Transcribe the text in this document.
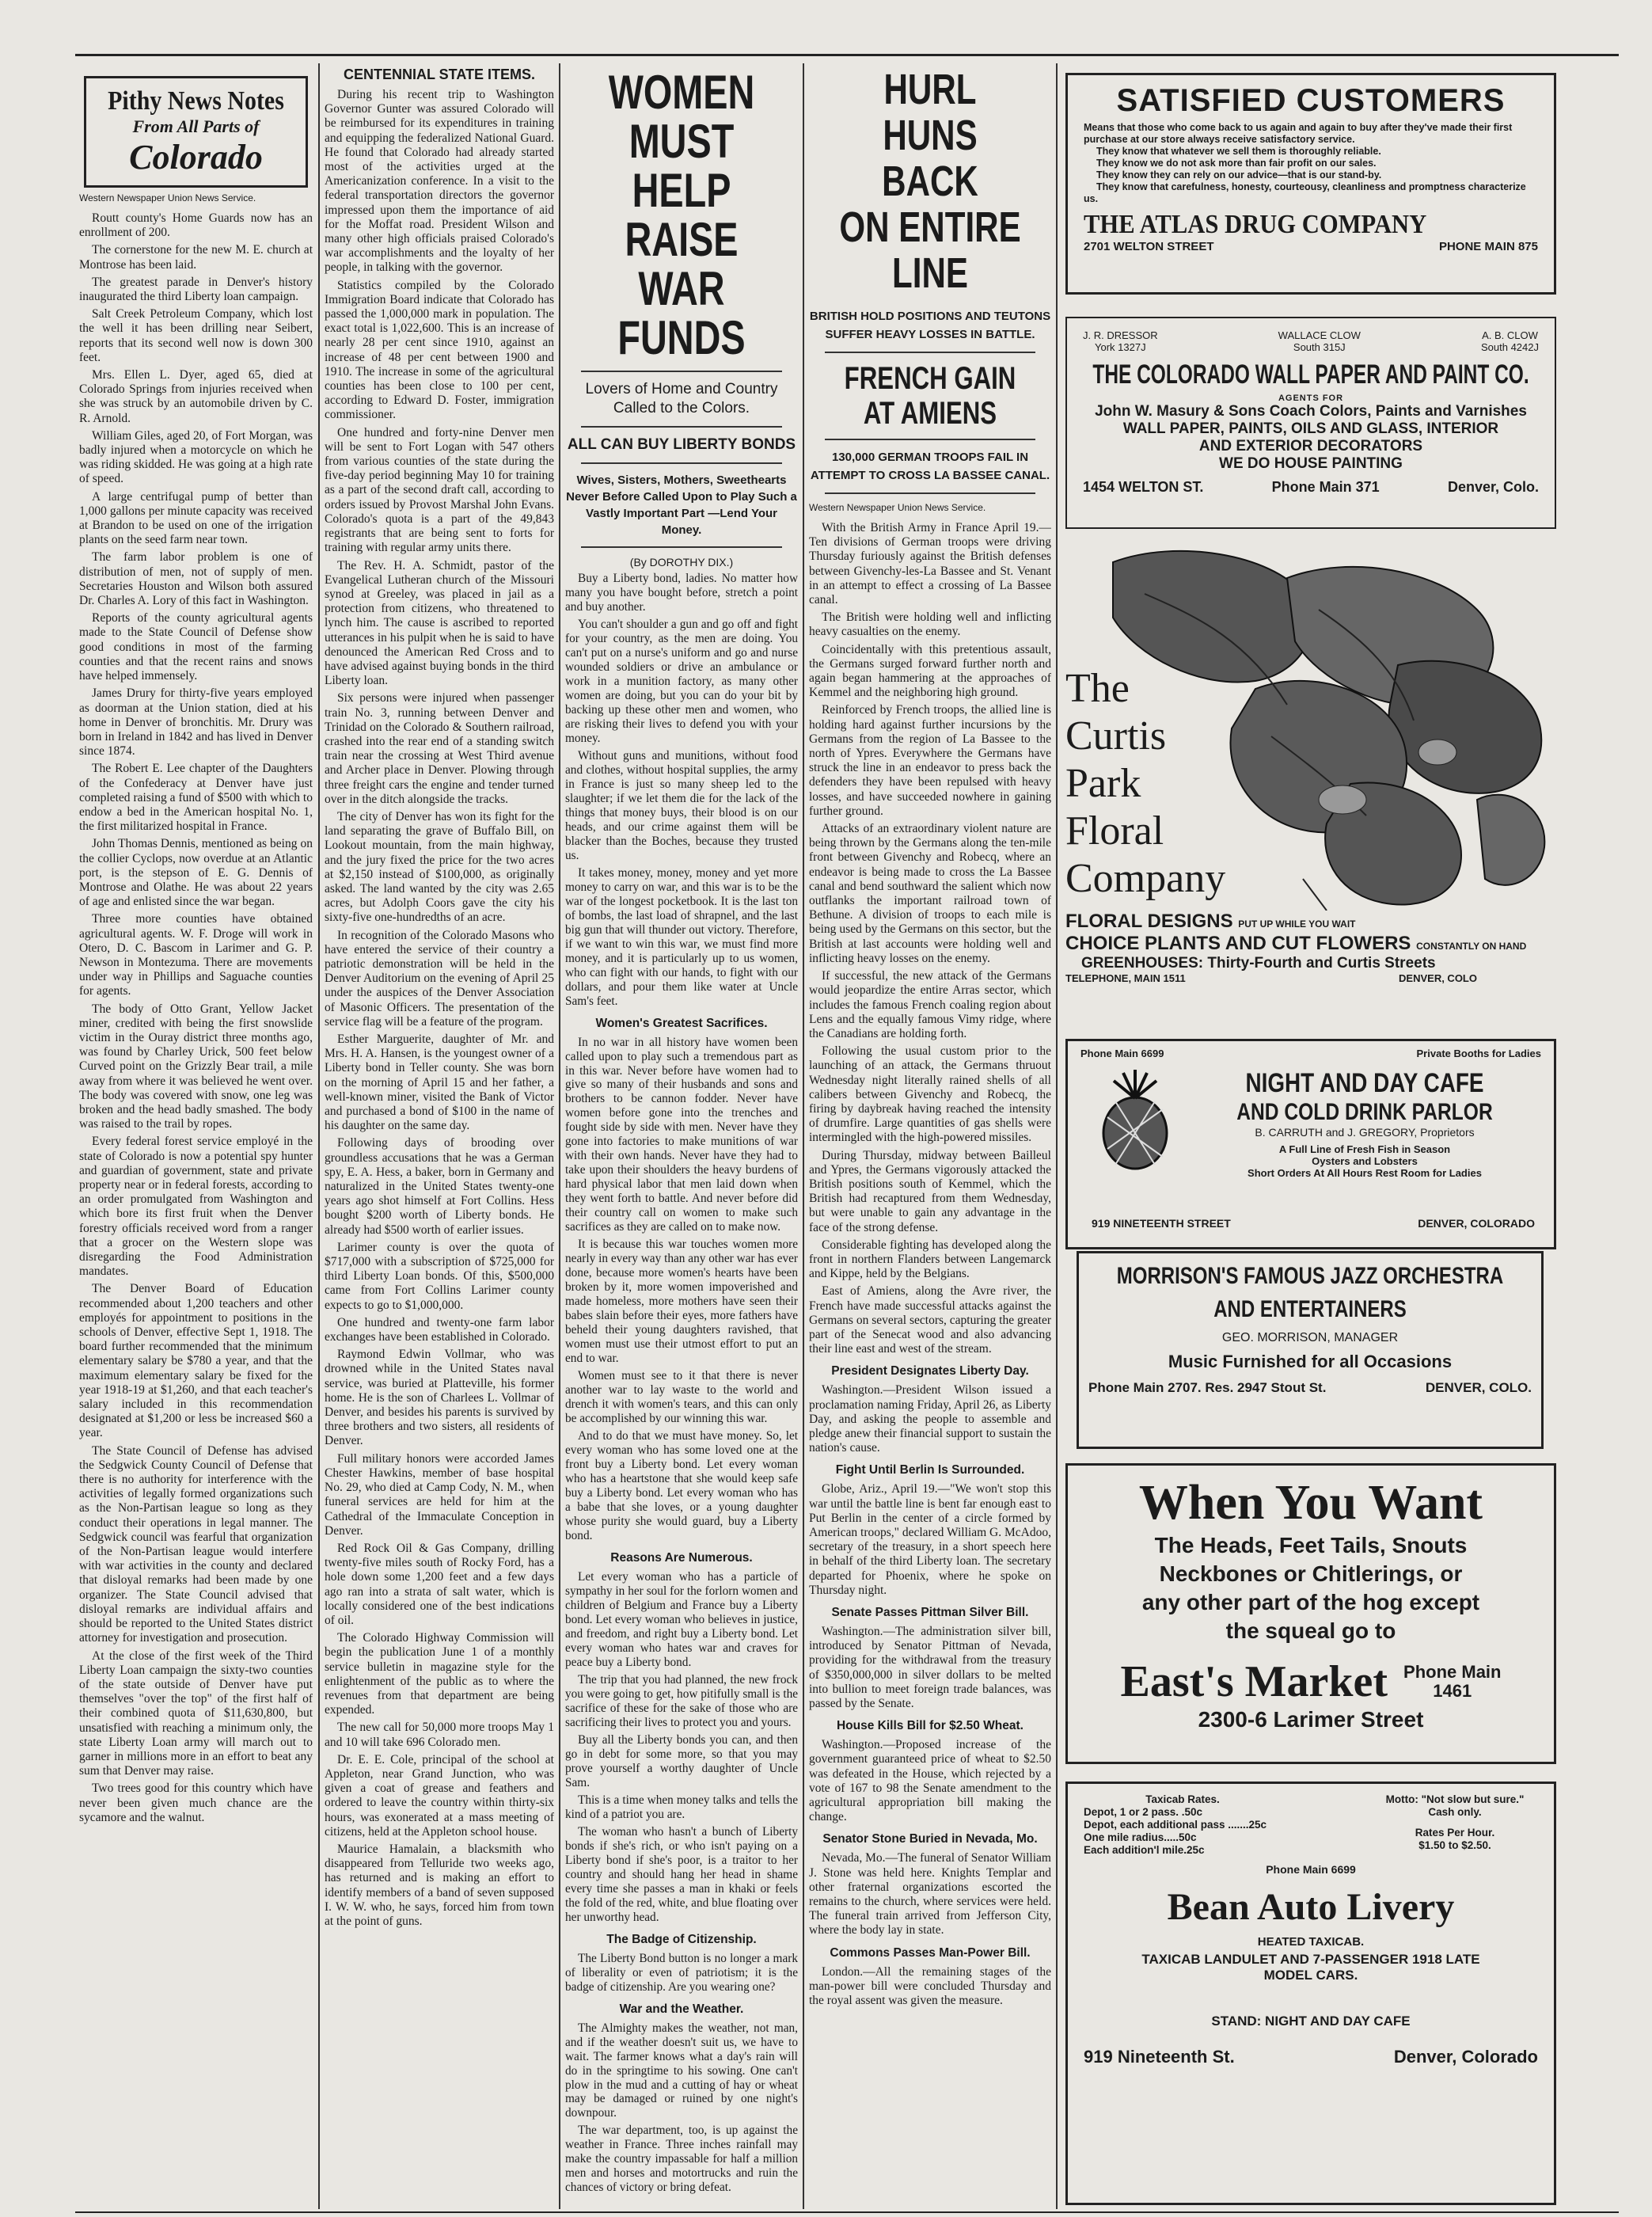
Pithy News Notes
From All Parts of
Colorado
Western Newspaper Union News Service.

Routt county's Home Guards now has an enrollment of 200.

The cornerstone for the new M. E. church at Montrose has been laid.

The greatest parade in Denver's history inaugurated the third Liberty loan campaign.

Salt Creek Petroleum Company, which lost the well it has been drilling near Seibert, reports that its second well now is down 300 feet.

Mrs. Ellen L. Dyer, aged 65, died at Colorado Springs from injuries received when she was struck by an automobile driven by C. R. Arnold.

William Giles, aged 20, of Fort Morgan, was badly injured when a motorcycle on which he was riding skidded. He was going at a high rate of speed.

A large centrifugal pump of better than 1,000 gallons per minute capacity was received at Brandon to be used on one of the irrigation plants on the seed farm near town.

The farm labor problem is one of distribution of men, not of supply of men. Secretaries Houston and Wilson both assured Dr. Charles A. Lory of this fact in Washington.

Reports of the county agricultural agents made to the State Council of Defense show good conditions in most of the farming counties and that the recent rains and snows have helped immensely.

James Drury for thirty-five years employed as doorman at the Union station, died at his home in Denver of bronchitis. Mr. Drury was born in Ireland in 1842 and has lived in Denver since 1874.

The Robert E. Lee chapter of the Daughters of the Confederacy at Denver have just completed raising a fund of $500 with which to endow a bed in the American hospital No. 1, the first militarized hospital in France.

John Thomas Dennis, mentioned as being on the collier Cyclops, now overdue at an Atlantic port, is the stepson of E. G. Dennis of Montrose and Olathe. He was about 22 years of age and enlisted since the war began.

Three more counties have obtained agricultural agents. W. F. Droge will work in Otero, D. C. Bascom in Larimer and G. P. Newson in Montezuma. There are movements under way in Phillips and Saguache counties for agents.

The body of Otto Grant, Yellow Jacket miner, credited with being the first snowslide victim in the Ouray district three months ago, was found by Charley Urick, 500 feet below Curved point on the Grizzly Bear trail, a mile away from where it was believed he went over. The body was covered with snow, one leg was broken and the head badly smashed. The body was raised to the trail by ropes.

Every federal forest service employé in the state of Colorado is now a potential spy hunter and guardian of government, state and private property near or in federal forests, according to an order promulgated from Washington and which bore its first fruit when the Denver forestry officials received word from a ranger that a grocer on the Western slope was disregarding the Food Administration mandates.

The Denver Board of Education recommended about 1,200 teachers and other employés for appointment to positions in the schools of Denver, effective Sept 1, 1918. The board further recommended that the minimum elementary salary be $780 a year, and that the maximum elementary salary be fixed for the year 1918-19 at $1,260, and that each teacher's salary included in this recommendation designated at $1,200 or less be increased $60 a year.

The State Council of Defense has advised the Sedgwick County Council of Defense that there is no authority for interference with the activities of legally formed organizations such as the Non-Partisan league so long as they conduct their operations in legal manner. The Sedgwick council was fearful that organization of the Non-Partisan league would interfere with war activities in the county and declared that disloyal remarks had been made by one organizer. The State Council advised that disloyal remarks are individual affairs and should be reported to the United States district attorney for investigation and prosecution.

At the close of the first week of the Third Liberty Loan campaign the sixty-two counties of the state outside of Denver have put themselves "over the top" of the first half of their combined quota of $11,630,800, but unsatisfied with reaching a minimum only, the state Liberty Loan army will march out to garner in millions more in an effort to beat any sum that Denver may raise.

Two trees good for this country which have never been given much chance are the sycamore and the walnut.

CENTENNIAL STATE ITEMS.

During his recent trip to Washington Governor Gunter was assured Colorado will be reimbursed for its expenditures in training and equipping the federalized National Guard. He found that Colorado had already started most of the activities urged at the Americanization conference. In a visit to the federal transportation directors the governor impressed upon them the importance of aid for the Moffat road. President Wilson and many other high officials praised Colorado's war accomplishments and the loyalty of her people, in talking with the governor.

Statistics compiled by the Colorado Immigration Board indicate that Colorado has passed the 1,000,000 mark in population. The exact total is 1,022,600. This is an increase of nearly 28 per cent since 1910, against an increase of 48 per cent between 1900 and 1910. The increase in some of the agricultural counties has been close to 100 per cent, according to Edward D. Foster, immigration commissioner.

One hundred and forty-nine Denver men will be sent to Fort Logan with 547 others from various counties of the state during the five-day period beginning May 10 for training as a part of the second draft call, according to orders issued by Provost Marshal John Evans. Colorado's quota is a part of the 49,843 registrants that are being sent to forts for training with regular army units there.

The Rev. H. A. Schmidt, pastor of the Evangelical Lutheran church of the Missouri synod at Greeley, was placed in jail as a protection from citizens, who threatened to lynch him. The cause is ascribed to reported utterances in his pulpit when he is said to have denounced the American Red Cross and to have advised against buying bonds in the third Liberty loan.

Six persons were injured when passenger train No. 3, running between Denver and Trinidad on the Colorado & Southern railroad, crashed into the rear end of a standing switch train near the crossing at West Third avenue and Archer place in Denver. Plowing through three freight cars the engine and tender turned over in the ditch alongside the tracks.

The city of Denver has won its fight for the land separating the grave of Buffalo Bill, on Lookout mountain, from the main highway, and the jury fixed the price for the two acres at $2,150 instead of $100,000, as originally asked. The land wanted by the city was 2.65 acres, but Adolph Coors gave the city his sixty-five one-hundredths of an acre.

In recognition of the Colorado Masons who have entered the service of their country a patriotic demonstration will be held in the Denver Auditorium on the evening of April 25 under the auspices of the Denver Association of Masonic Officers. The presentation of the service flag will be a feature of the program.

Esther Marguerite, daughter of Mr. and Mrs. H. A. Hansen, is the youngest owner of a Liberty bond in Teller county. She was born on the morning of April 15 and her father, a well-known miner, visited the Bank of Victor and purchased a bond of $100 in the name of his daughter on the same day.

Following days of brooding over groundless accusations that he was a German spy, E. A. Hess, a baker, born in Germany and naturalized in the United States twenty-one years ago shot himself at Fort Collins. Hess bought $200 worth of Liberty bonds. He already had $500 worth of earlier issues.

Larimer county is over the quota of $717,000 with a subscription of $725,000 for third Liberty Loan bonds. Of this, $500,000 came from Fort Collins Larimer county expects to go to $1,000,000.

One hundred and twenty-one farm labor exchanges have been established in Colorado.

Raymond Edwin Vollmar, who was drowned while in the United States naval service, was buried at Platteville, his former home. He is the son of Charlees L. Vollmar of Denver, and besides his parents is survived by three brothers and two sisters, all residents of Denver.

Full military honors were accorded James Chester Hawkins, member of base hospital No. 29, who died at Camp Cody, N. M., when funeral services are held for him at the Cathedral of the Immaculate Conception in Denver.

Red Rock Oil & Gas Company, drilling twenty-five miles south of Rocky Ford, has a hole down some 1,200 feet and a few days ago ran into a strata of salt water, which is locally considered one of the best indications of oil.

The Colorado Highway Commission will begin the publication June 1 of a monthly service bulletin in magazine style for the enlightenment of the public as to where the revenues from that department are being expended.

The new call for 50,000 more troops May 1 and 10 will take 696 Colorado men.

Dr. E. E. Cole, principal of the school at Appleton, near Grand Junction, who was given a coat of grease and feathers and ordered to leave the country within thirty-six hours, was exonerated at a mass meeting of citizens, held at the Appleton school house.

Maurice Hamalain, a blacksmith who disappeared from Telluride two weeks ago, has returned and is making an effort to identify members of a band of seven supposed I. W. W. who, he says, forced him from town at the point of guns.

WOMEN MUST HELP
RAISE WAR FUNDS
Lovers of Home and Country Called to the Colors.
ALL CAN BUY LIBERTY BONDS
Wives, Sisters, Mothers, Sweethearts Never Before Called Upon to Play Such a Vastly Important Part —Lend Your Money.
(By DOROTHY DIX.)

Buy a Liberty bond, ladies. No matter how many you have bought before, stretch a point and buy another.

You can't shoulder a gun and go off and fight for your country, as the men are doing. You can't put on a nurse's uniform and go and nurse wounded soldiers or drive an ambulance or work in a munition factory, as many other women are doing, but you can do your bit by backing up these other men and women, who are risking their lives to defend you with your money.

Without guns and munitions, without food and clothes, without hospital supplies, the army in France is just so many sheep led to the slaughter; if we let them die for the lack of the things that money buys, their blood is on our heads, and our crime against them will be blacker than the Boches, because they trusted us.

It takes money, money, money and yet more money to carry on war, and this war is to be the war of the longest pocketbook. It is the last ton of bombs, the last load of shrapnel, and the last big gun that will thunder out victory. Therefore, if we want to win this war, we must find more money, and it is particularly up to us women, who can fight with our hands, to fight with our dollars, and pour them like water at Uncle Sam's feet.

Women's Greatest Sacrifices.

In no war in all history have women been called upon to play such a tremendous part as in this war. Never before have women had to give so many of their husbands and sons and brothers to be cannon fodder. Never have women before gone into the trenches and fought side by side with men. Never have they gone into factories to make munitions of war with their own hands. Never have they had to take upon their shoulders the heavy burdens of hard physical labor that men laid down when they went forth to battle. And never before did their country call on women to make such sacrifices as they are called on to make now.

It is because this war touches women more nearly in every way than any other war has ever done, because more women's hearts have been broken by it, more women impoverished and made homeless, more mothers have seen their babes slain before their eyes, more fathers have beheld their young daughters ravished, that women must use their utmost effort to put an end to war.

Women must see to it that there is never another war to lay waste to the world and drench it with women's tears, and this can only be accomplished by our winning this war.

And to do that we must have money. So, let every woman who has some loved one at the front buy a Liberty bond. Let every woman who has a heartstone that she would keep safe buy a Liberty bond. Let every woman who has a babe that she loves, or a young daughter whose purity she would guard, buy a Liberty bond.

Reasons Are Numerous.

Let every woman who has a particle of sympathy in her soul for the forlorn women and children of Belgium and France buy a Liberty bond. Let every woman who believes in justice, and freedom, and right buy a Liberty bond. Let every woman who hates war and craves for peace buy a Liberty bond.

The trip that you had planned, the new frock you were going to get, how pitifully small is the sacrifice of these for the sake of those who are sacrificing their lives to protect you and yours.

Buy all the Liberty bonds you can, and then go in debt for some more, so that you may prove yourself a worthy daughter of Uncle Sam.

This is a time when money talks and tells the kind of a patriot you are.

The woman who hasn't a bunch of Liberty bonds if she's rich, or who isn't paying on a Liberty bond if she's poor, is a traitor to her country and should hang her head in shame every time she passes a man in khaki or feels the fold of the red, white, and blue floating over her unworthy head.

The Badge of Citizenship.

The Liberty Bond button is no longer a mark of liberality or even of patriotism; it is the badge of citizenship. Are you wearing one?

War and the Weather.

The Almighty makes the weather, not man, and if the weather doesn't suit us, we have to wait. The farmer knows what a day's rain will do in the springtime to his sowing. One can't plow in the mud and a cutting of hay or wheat may be damaged or ruined by one night's downpour.

The war department, too, is up against the weather in France. Three inches rainfall may make the country impassable for half a million men and horses and motortrucks and ruin the chances of victory or bring defeat.

HURL HUNS BACK
ON ENTIRE LINE
BRITISH HOLD POSITIONS AND TEUTONS SUFFER HEAVY LOSSES IN BATTLE.
FRENCH GAIN AT AMIENS
130,000 GERMAN TROOPS FAIL IN ATTEMPT TO CROSS LA BASSEE CANAL.
Western Newspaper Union News Service.

With the British Army in France April 19.—Ten divisions of German troops were driving Thursday furiously against the British defenses between Givenchy-les-La Bassee and St. Venant in an attempt to effect a crossing of La Bassee canal.

The British were holding well and inflicting heavy casualties on the enemy.

Coincidentally with this pretentious assault, the Germans surged forward further north and again began hammering at the approaches of Kemmel and the neighboring high ground.

Reinforced by French troops, the allied line is holding hard against further incursions by the Germans from the region of La Bassee to the north of Ypres. Everywhere the Germans have struck the line in an endeavor to press back the defenders they have been repulsed with heavy losses, and have succeeded nowhere in gaining further ground.

Attacks of an extraordinary violent nature are being thrown by the Germans along the ten-mile front between Givenchy and Robecq, where an endeavor is being made to cross the La Bassee canal and bend southward the salient which now outflanks the important railroad town of Bethune. A division of troops to each mile is being used by the Germans on this sector, but the British at last accounts were holding well and inflicting heavy losses on the enemy.

If successful, the new attack of the Germans would jeopardize the entire Arras sector, which includes the famous French coaling region about Lens and the equally famous Vimy ridge, where the Canadians are holding forth.

Following the usual custom prior to the launching of an attack, the Germans thruout Wednesday night literally rained shells of all calibers between Givenchy and Robecq, the firing by daybreak having reached the intensity of drumfire. Large quantities of gas shells were intermingled with the high-powered missiles.

During Thursday, midway between Bailleul and Ypres, the Germans vigorously attacked the British positions south of Kemmel, which the British had recaptured from them Wednesday, but were unable to gain any advantage in the face of the strong defense.

Considerable fighting has developed along the front in northern Flanders between Langemarck and Kippe, held by the Belgians.

East of Amiens, along the Avre river, the French have made successful attacks against the Germans on several sectors, capturing the greater part of the Senecat wood and also advancing their line east and west of the stream.

President Designates Liberty Day.

Washington.—President Wilson issued a proclamation naming Friday, April 26, as Liberty Day, and asking the people to assemble and pledge anew their financial support to sustain the nation's cause.

Fight Until Berlin Is Surrounded.

Globe, Ariz., April 19.—"We won't stop this war until the battle line is bent far enough east to Put Berlin in the center of a circle formed by American troops," declared William G. McAdoo, secretary of the treasury, in a short speech here in behalf of the third Liberty loan. The secretary departed for Phoenix, where he spoke on Thursday night.

Senate Passes Pittman Silver Bill.

Washington.—The administration silver bill, introduced by Senator Pittman of Nevada, providing for the withdrawal from the treasury of $350,000,000 in silver dollars to be melted into bullion to meet foreign trade balances, was passed by the Senate.

House Kills Bill for $2.50 Wheat.

Washington.—Proposed increase of the government guaranteed price of wheat to $2.50 was defeated in the House, which rejected by a vote of 167 to 98 the Senate amendment to the agricultural appropriation bill making the change.

Senator Stone Buried in Nevada, Mo.

Nevada, Mo.—The funeral of Senator William J. Stone was held here. Knights Templar and other fraternal organizations escorted the remains to the church, where services were held. The funeral train arrived from Jefferson City, where the body lay in state.

Commons Passes Man-Power Bill.

London.—All the remaining stages of the man-power bill were concluded Thursday and the royal assent was given the measure.

SATISFIED CUSTOMERS
Means that those who come back to us again and again to buy after they've made their first purchase at our store always receive satisfactory service.
They know that whatever we sell them is thoroughly reliable.
They know we do not ask more than fair profit on our sales.
They know they can rely on our advice—that is our stand-by.
They know that carefulness, honesty, courteousy, cleanliness and promptness characterize us.
THE ATLAS DRUG COMPANY
2701 WELTON STREET	PHONE MAIN 875
J. R. DRESSOR
York 1327J
WALLACE CLOW
South 315J
A. B. CLOW
South 4242J
THE COLORADO WALL PAPER AND PAINT CO.
AGENTS FOR
John W. Masury & Sons Coach Colors, Paints and Varnishes
WALL PAPER, PAINTS, OILS AND GLASS, INTERIOR
AND EXTERIOR DECORATORS
WE DO HOUSE PAINTING
1454 WELTON ST.	Phone Main 371	Denver, Colo.
The
Curtis
Park
Floral
Company
FLORAL DESIGNS PUT UP WHILE YOU WAIT
CHOICE PLANTS AND CUT FLOWERS CONSTANTLY ON HAND
GREENHOUSES: Thirty-Fourth and Curtis Streets
TELEPHONE, MAIN 1511	DENVER, COLO
Phone Main 6699	Private Booths for Ladies
NIGHT AND DAY CAFE
AND COLD DRINK PARLOR
B. CARRUTH and J. GREGORY, Proprietors
A Full Line of Fresh Fish in Season
Oysters and Lobsters
Short Orders At All Hours Rest Room for Ladies
919 NINETEENTH STREET	DENVER, COLORADO
MORRISON'S FAMOUS JAZZ ORCHESTRA
AND ENTERTAINERS
GEO. MORRISON, MANAGER
Music Furnished for all Occasions
Phone Main 2707. Res. 2947 Stout St.	DENVER, COLO.
When You Want
The Heads, Feet Tails, Snouts
Neckbones or Chitlerings, or
any other part of the hog except
the squeal go to
East's Market Phone Main
1461
2300-6 Larimer Street
Taxicab Rates.
Depot, 1 or 2 pass. .50c
Depot, each additional pass .......25c
One mile radius.....50c
Each addition'l mile.25c
Motto: "Not slow but sure." Cash only.
Rates Per Hour.
$1.50 to $2.50.
Phone Main 6699
Bean Auto Livery
HEATED TAXICAB.
TAXICAB LANDULET AND 7-PASSENGER 1918 LATE
MODEL CARS.
STAND: NIGHT AND DAY CAFE
919 Nineteenth St.	Denver, Colorado
